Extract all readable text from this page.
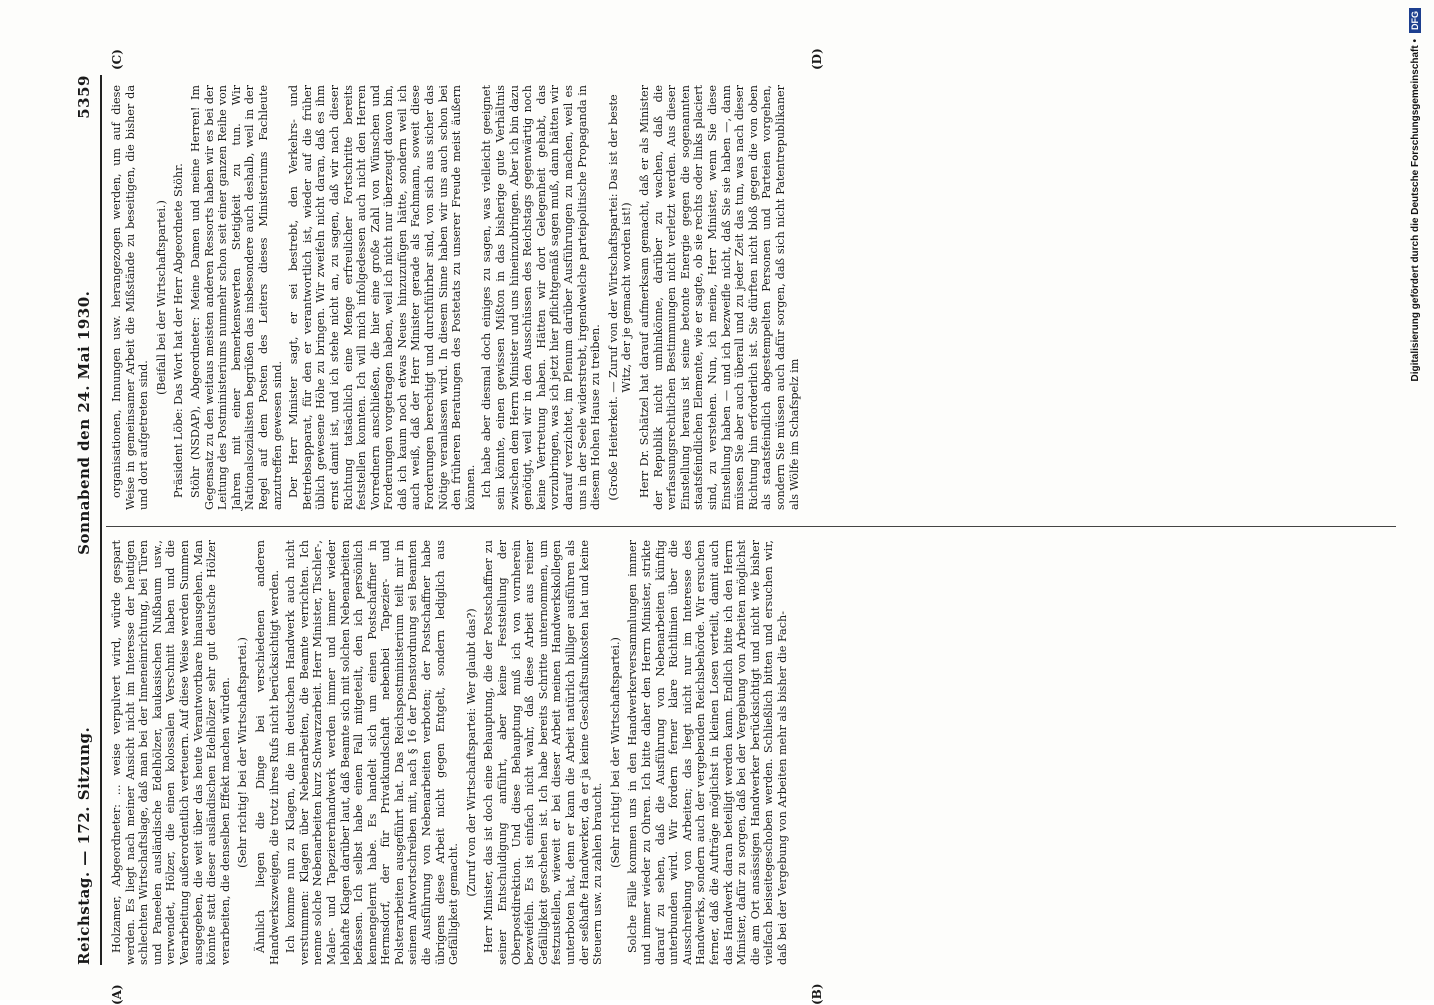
Reichstag. — 172. Sitzung.
Sonnabend den 24. Mai 1930.
5359

Holzamer, Abgeordneter: ... weise verpulvert wird, würde gespart werden. Es liegt nach meiner Ansicht nicht im Interesse der heutigen schlechten Wirtschaftslage, daß man bei der Inneneinrichtung, bei Türen und Paneelen ausländische Edelhölzer, kaukasischen Nußbaum usw., verwendet, Hölzer, die einen kolossalen Verschnitt haben und die Verarbeitung außerordentlich verteuern. Auf diese Weise werden Summen ausgegeben, die weit über das heute Verantwortbare hinausgehen. Man könnte statt dieser ausländischen Edelhölzer sehr gut deutsche Hölzer verarbeiten, die denselben Effekt machen würden. (Sehr richtig! bei der Wirtschaftspartei.) Ähnlich liegen die Dinge bei verschiedenen anderen Handwerkszweigen, die trotz ihres Rufs nicht berücksichtigt werden. Ich komme nun zu Klagen, die im deutschen Handwerk auch nicht verstummen: Klagen über Nebenarbeiten, die Beamte verrichten. Ich nenne solche Nebenarbeiten kurz Schwarzarbeit. Herr Minister, Tischler-, Maler- und Tapeziererhandwerk werden immer und immer wieder lebhafte Klagen darüber laut, daß Beamte sich mit solchen Nebenarbeiten befassen. Ich selbst habe einen Fall mitgeteilt, den ich persönlich kennengelernt habe. Es handelt sich um einen Postschaffner in Hermsdorf, der für Privatkundschaft nebenbei Tapezier- und Polsterarbeiten ausgeführt hat. Das Reichspostministerium teilt mir in seinem Antwortschreiben mit, nach § 16 der Dienstordnung sei Beamten die Ausführung von Nebenarbeiten verboten; der Postschaffner habe übrigens diese Arbeit nicht gegen Entgelt, sondern lediglich aus Gefälligkeit gemacht.

(Zuruf von der Wirtschaftspartei: Wer glaubt das?) Herr Minister, das ist doch eine Behauptung, die der Postschaffner zu seiner Entschuldigung anführt, aber keine Feststellung der Oberpostdirektion. Und diese Behauptung muß ich von vornherein bezweifeln. Es ist einfach nicht wahr, daß diese Arbeit aus reiner Gefälligkeit geschehen ist. Ich habe bereits Schritte unternommen, um festzustellen, wieweit er bei dieser Arbeit meinen Handwerkskollegen unterboten hat, denn er kann die Arbeit natürlich billiger ausführen als der seßhafte Handwerker, da er ja keine Geschäftsunkosten hat und keine Steuern usw. zu zahlen braucht.

(Sehr richtig! bei der Wirtschaftspartei.) Solche Fälle kommen uns in den Handwerkerversammlungen immer und immer wieder zu Ohren. Ich bitte daher den Herrn Minister, strikte darauf zu sehen, daß die Ausführung von Nebenarbeiten künftig unterbunden wird. Wir fordern ferner klare Richtlinien über die Ausschreibung von Arbeiten; das liegt nicht nur im Interesse des Handwerks, sondern auch der vergebenden Reichsbehörde. Wir ersuchen ferner, daß die Aufträge möglichst in kleinen Losen verteilt, damit auch das Handwerk daran beteiligt werden kann. Endlich bitte ich den Herrn Minister, dafür zu sorgen, daß bei der Vergebung von Arbeiten möglichst die am Ort ansässigen Handwerker berücksichtigt und nicht wie bisher vielfach beiseitegeschoben werden. Schließlich bitten und ersuchen wir, daß bei der Vergebung von Arbeiten mehr als bisher die Fach-

organisationen, Innungen usw. herangezogen werden, um auf diese Weise in gemeinsamer Arbeit die Mißstände zu beseitigen, die bisher da und dort aufgetreten sind.

(Beifall bei der Wirtschaftspartei.) Präsident Löbe: Das Wort hat der Herr Abgeordnete Stöhr. Stöhr (NSDAP), Abgeordneter: Meine Damen und meine Herren! Im Gegensatz zu den weitaus meisten anderen Ressorts haben wir es bei der Leitung des Postministeriums nunmehr schon seit einer ganzen Reihe von Jahren mit einer bemerkenswerten Stetigkeit zu tun. Wir Nationalsozialisten begrüßen das insbesondere auch deshalb, weil in der Regel auf dem Posten des Leiters dieses Ministeriums Fachleute anzutreffen gewesen sind. Der Herr Minister sagt, er sei bestrebt, den Verkehrs- und Betriebsapparat, für den er verantwortlich ist, wieder auf die früher üblich gewesene Höhe zu bringen. Wir zweifeln nicht daran, daß es ihm ernst damit ist, und ich stehe nicht an, zu sagen, daß wir nach dieser Richtung tatsächlich eine Menge erfreulicher Fortschritte bereits feststellen konnten. Ich will mich infolgedessen auch nicht den Herren Vorrednern anschließen, die hier eine große Zahl von Wünschen und Forderungen vorgetragen haben, weil ich nicht nur überzeugt davon bin, daß ich kaum noch etwas Neues hinzuzufügen hätte, sondern weil ich auch weiß, daß der Herr Minister gerade als Fachmann, soweit diese Forderungen berechtigt und durchführbar sind, von sich aus sicher das Nötige veranlassen wird. In diesem Sinne haben wir uns auch schon bei den früheren Beratungen des Postetats zu unserer Freude meist äußern können. Ich habe aber diesmal doch einiges zu sagen, was vielleicht geeignet sein könnte, einen gewissen Mißton in das bisherige gute Verhältnis zwischen dem Herrn Minister und uns hineinzubringen. Aber ich bin dazu genötigt, weil wir in den Ausschüssen des Reichstags gegenwärtig noch keine Vertretung haben. Hätten wir dort Gelegenheit gehabt, das vorzubringen, was ich jetzt hier pflichtgemäß sagen muß, dann hätten wir darauf verzichtet, im Plenum darüber Ausführungen zu machen, weil es uns in der Seele widerstrebt, irgendwelche parteipolitische Propaganda in diesem Hohen Hause zu treiben. (Große Heiterkeit. — Zuruf von der Wirtschaftspartei: Das ist der beste Witz, der je gemacht worden ist!) Herr Dr. Schätzel hat darauf aufmerksam gemacht, daß er als Minister der Republik nicht umhinkönne, darüber zu wachen, daß die verfassungsrechtlichen Bestimmungen nicht verletzt werden. Aus dieser Einstellung heraus ist seine betonte Energie gegen die sogenannten staatsfeindlichen Elemente, wie er sagte, ob sie rechts oder links placiert sind, zu verstehen. Nun, ich meine, Herr Minister, wenn Sie diese Einstellung haben — und ich bezweifle nicht, daß Sie sie haben —, dann müssen Sie aber auch überall und zu jeder Zeit das tun, was nach dieser Richtung hin erforderlich ist. Sie dürften nicht bloß gegen die von oben als staatsfeindlich abgestempelten Personen und Parteien vorgehen, sondern Sie müssen auch dafür sorgen, daß sich nicht Patentrepublikaner als Wölfe im Schafspelz im

(A)	(B)
(C)	(D)	Digitalisierung gefördert durch die Deutsche Forschungsgemeinschaft •
DFG
